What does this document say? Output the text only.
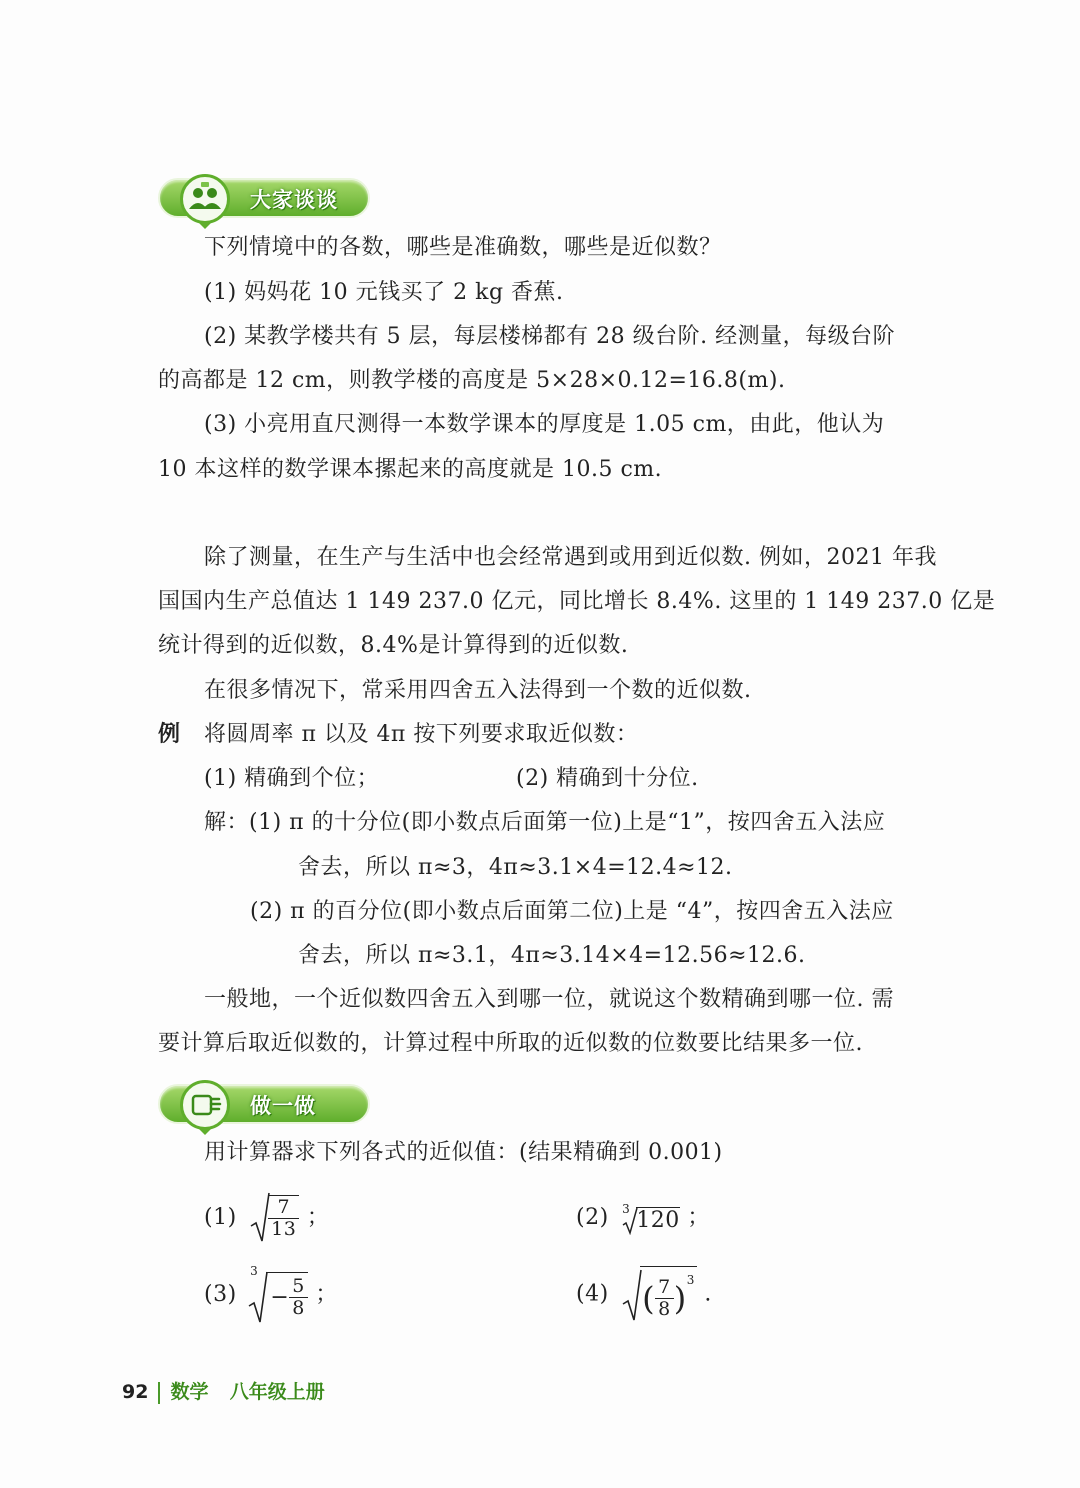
大家谈谈
下列情境中的各数，哪些是准确数，哪些是近似数？
(1) 妈妈花 10 元钱买了 2 kg 香蕉.
(2) 某教学楼共有 5 层，每层楼梯都有 28 级台阶. 经测量，每级台阶
的高都是 12 cm，则教学楼的高度是 5×28×0.12=16.8(m).
(3) 小亮用直尺测得一本数学课本的厚度是 1.05 cm，由此，他认为
10 本这样的数学课本摞起来的高度就是 10.5 cm.
除了测量，在生产与生活中也会经常遇到或用到近似数. 例如，2021 年我
国国内生产总值达 1 149 237.0 亿元，同比增长 8.4%. 这里的 1 149 237.0 亿是
统计得到的近似数，8.4%是计算得到的近似数.
在很多情况下，常采用四舍五入法得到一个数的近似数.
例 将圆周率 π 以及 4π 按下列要求取近似数：
(1) 精确到个位；	(2) 精确到十分位.
解：(1) π 的十分位(即小数点后面第一位)上是“1”，按四舍五入法应
舍去，所以 π≈3，4π≈3.1×4=12.4≈12.
(2) π 的百分位(即小数点后面第二位)上是 “4”，按四舍五入法应
舍去，所以 π≈3.1，4π≈3.14×4=12.56≈12.6.
一般地，一个近似数四舍五入到哪一位，就说这个数精确到哪一位. 需
要计算后取近似数的，计算过程中所取的近似数的位数要比结果多一位.
做一做
用计算器求下列各式的近似值：(结果精确到 0.001)
$(1) \frac{7}{13}$ ；	(2) $^3$ 120 ；
(3) $^3- \frac{5}{8}$ ；	(4) ( $\frac{7}{8} )^3$ .
92 数学 八年级上册
